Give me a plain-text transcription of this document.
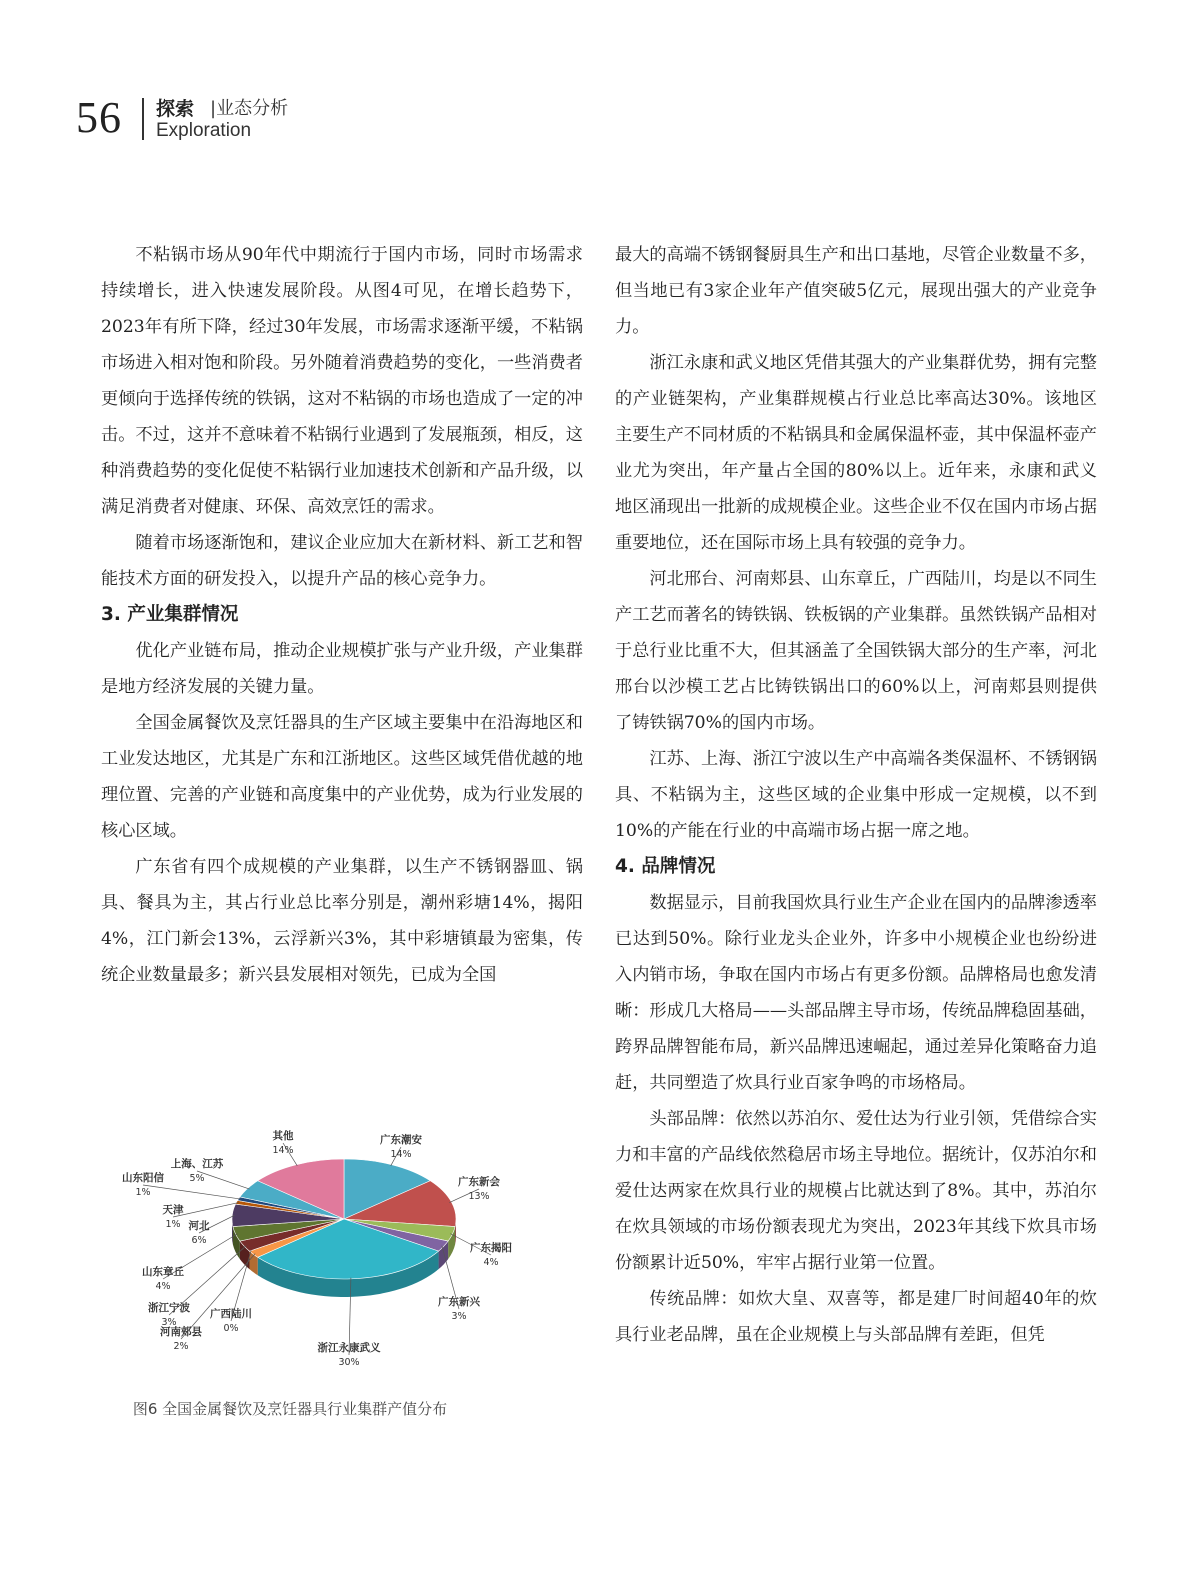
56 探索 |业态分析
Exploration

不粘锅市场从90年代中期流行于国内市场，同时市场需求持续增长，进入快速发展阶段。从图4可见，在增长趋势下，2023年有所下降，经过30年发展，市场需求逐渐平缓，不粘锅市场进入相对饱和阶段。另外随着消费趋势的变化，一些消费者更倾向于选择传统的铁锅，这对不粘锅的市场也造成了一定的冲击。不过，这并不意味着不粘锅行业遇到了发展瓶颈，相反，这种消费趋势的变化促使不粘锅行业加速技术创新和产品升级，以满足消费者对健康、环保、高效烹饪的需求。

随着市场逐渐饱和，建议企业应加大在新材料、新工艺和智能技术方面的研发投入，以提升产品的核心竞争力。

3. 产业集群情况

优化产业链布局，推动企业规模扩张与产业升级，产业集群是地方经济发展的关键力量。

全国金属餐饮及烹饪器具的生产区域主要集中在沿海地区和工业发达地区，尤其是广东和江浙地区。这些区域凭借优越的地理位置、完善的产业链和高度集中的产业优势，成为行业发展的核心区域。

广东省有四个成规模的产业集群，以生产不锈钢器皿、锅具、餐具为主，其占行业总比率分别是，潮州彩塘14%，揭阳4%，江门新会13%，云浮新兴3%，其中彩塘镇最为密集，传统企业数量最多；新兴县发展相对领先，已成为全国

广东潮安
14%
广东新会
13%
广东揭阳
4%
广东新兴
3%
浙江永康武义
30%
河南郏县
2%
广西陆川
0%
浙江宁波
3%
山东章丘
4%
河北
6%
天津
1%
山东阳信
1%
上海、江苏
5%
其他
14%
图6 全国金属餐饮及烹饪器具行业集群产值分布

最大的高端不锈钢餐厨具生产和出口基地，尽管企业数量不多，但当地已有3家企业年产值突破5亿元，展现出强大的产业竞争力。

浙江永康和武义地区凭借其强大的产业集群优势，拥有完整的产业链架构，产业集群规模占行业总比率高达30%。该地区主要生产不同材质的不粘锅具和金属保温杯壶，其中保温杯壶产业尤为突出，年产量占全国的80%以上。近年来，永康和武义地区涌现出一批新的成规模企业。这些企业不仅在国内市场占据重要地位，还在国际市场上具有较强的竞争力。

河北邢台、河南郏县、山东章丘，广西陆川，均是以不同生产工艺而著名的铸铁锅、铁板锅的产业集群。虽然铁锅产品相对于总行业比重不大，但其涵盖了全国铁锅大部分的生产率，河北邢台以沙模工艺占比铸铁锅出口的60%以上，河南郏县则提供了铸铁锅70%的国内市场。

江苏、上海、浙江宁波以生产中高端各类保温杯、不锈钢锅具、不粘锅为主，这些区域的企业集中形成一定规模，以不到10%的产能在行业的中高端市场占据一席之地。

4. 品牌情况

数据显示，目前我国炊具行业生产企业在国内的品牌渗透率已达到50%。除行业龙头企业外，许多中小规模企业也纷纷进入内销市场，争取在国内市场占有更多份额。品牌格局也愈发清晰：形成几大格局——头部品牌主导市场，传统品牌稳固基础，跨界品牌智能布局，新兴品牌迅速崛起，通过差异化策略奋力追赶，共同塑造了炊具行业百家争鸣的市场格局。

头部品牌：依然以苏泊尔、爱仕达为行业引领，凭借综合实力和丰富的产品线依然稳居市场主导地位。据统计，仅苏泊尔和爱仕达两家在炊具行业的规模占比就达到了8%。其中，苏泊尔在炊具领域的市场份额表现尤为突出，2023年其线下炊具市场份额累计近50%，牢牢占据行业第一位置。

传统品牌：如炊大皇、双喜等，都是建厂时间超40年的炊具行业老品牌，虽在企业规模上与头部品牌有差距，但凭
